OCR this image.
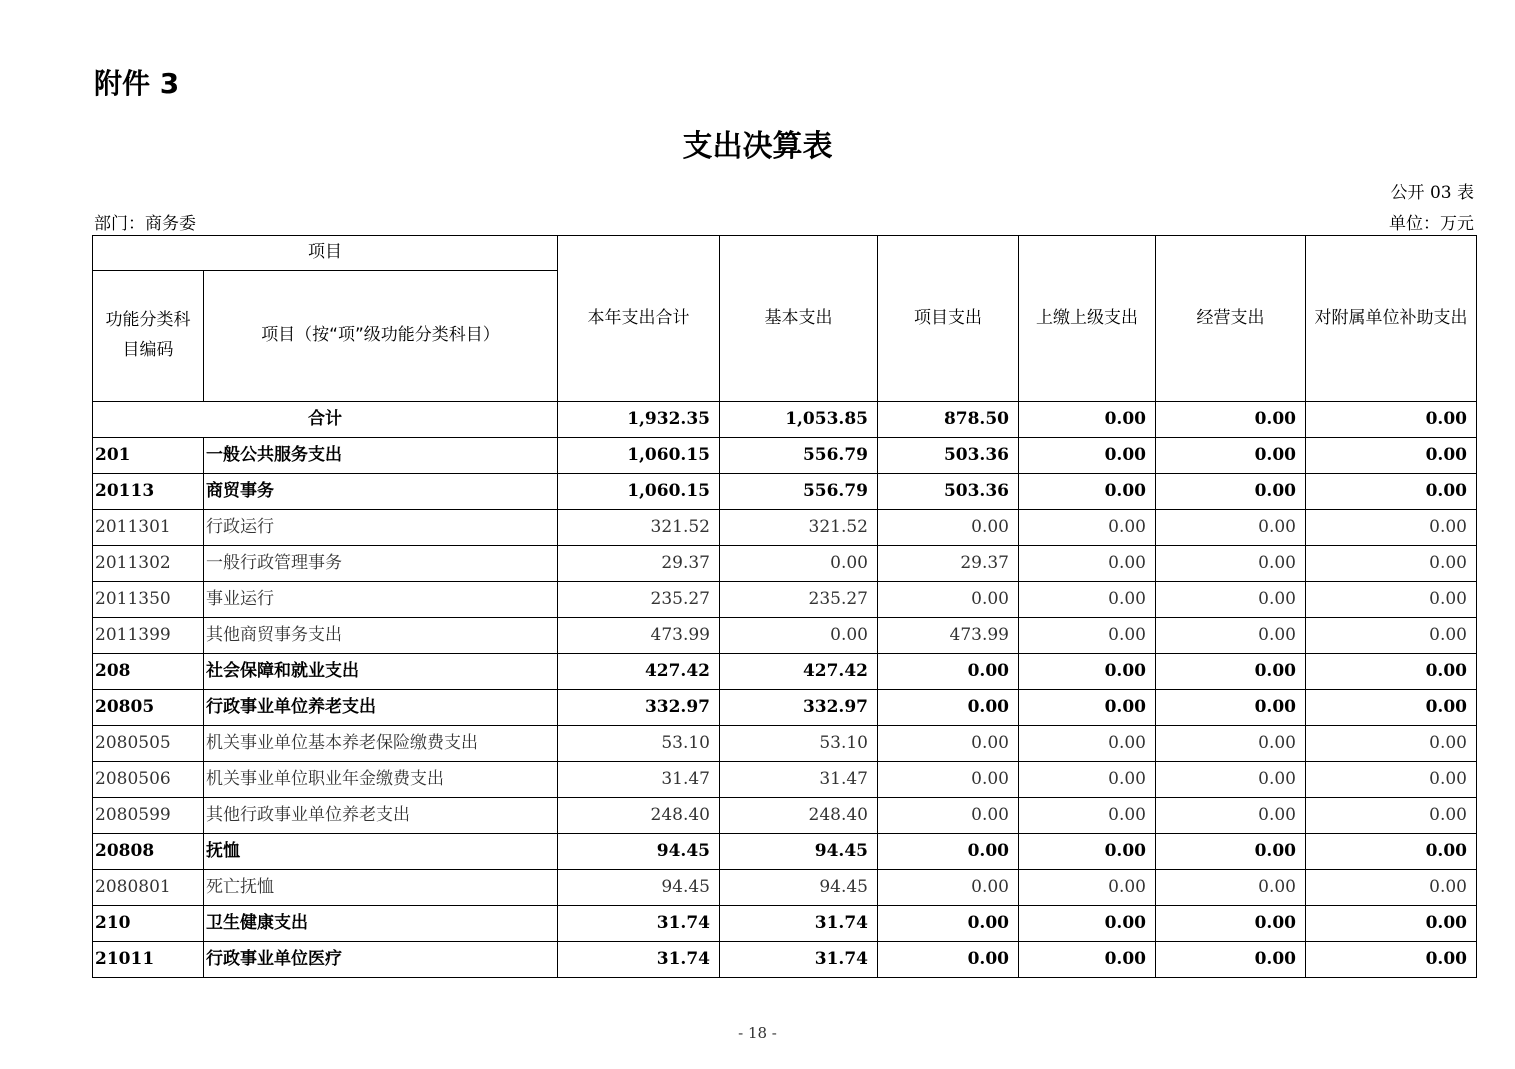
附件 3
支出决算表
公开 03 表
部门：商务委	单位：万元
项目		本年支出合计	基本支出	项目支出	上缴上级支出	经营支出	对附属单位补助支出
功能分类科目编码	项目（按“项”级功能分类科目）						
合计		1,932.35	1,053.85	878.50	0.00	0.00	0.00
201	一般公共服务支出	1,060.15	556.79	503.36	0.00	0.00	0.00
20113	商贸事务	1,060.15	556.79	503.36	0.00	0.00	0.00
2011301	行政运行	321.52	321.52	0.00	0.00	0.00	0.00
2011302	一般行政管理事务	29.37	0.00	29.37	0.00	0.00	0.00
2011350	事业运行	235.27	235.27	0.00	0.00	0.00	0.00
2011399	其他商贸事务支出	473.99	0.00	473.99	0.00	0.00	0.00
208	社会保障和就业支出	427.42	427.42	0.00	0.00	0.00	0.00
20805	行政事业单位养老支出	332.97	332.97	0.00	0.00	0.00	0.00
2080505	机关事业单位基本养老保险缴费支出	53.10	53.10	0.00	0.00	0.00	0.00
2080506	机关事业单位职业年金缴费支出	31.47	31.47	0.00	0.00	0.00	0.00
2080599	其他行政事业单位养老支出	248.40	248.40	0.00	0.00	0.00	0.00
20808	抚恤	94.45	94.45	0.00	0.00	0.00	0.00
2080801	死亡抚恤	94.45	94.45	0.00	0.00	0.00	0.00
210	卫生健康支出	31.74	31.74	0.00	0.00	0.00	0.00
21011	行政事业单位医疗	31.74	31.74	0.00	0.00	0.00	0.00
- 18 -
